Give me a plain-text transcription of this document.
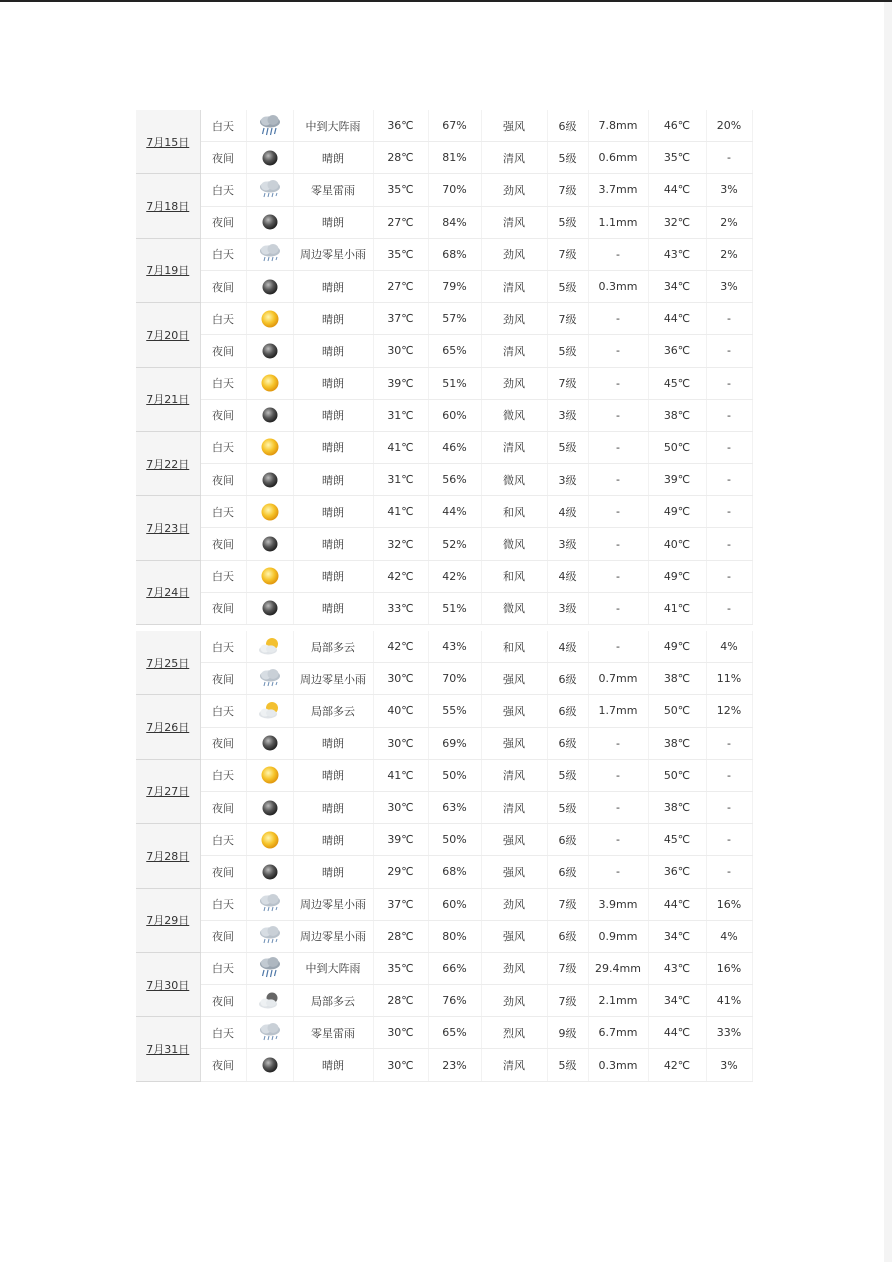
7月15日	白天		中到大阵雨	36℃	67%	强风	6级	7.8mm	46℃	20%
	夜间		晴朗	28℃	81%	清风	5级	0.6mm	35℃	-
7月18日	白天		零星雷雨	35℃	70%	劲风	7级	3.7mm	44℃	3%
	夜间		晴朗	27℃	84%	清风	5级	1.1mm	32℃	2%
7月19日	白天		周边零星小雨	35℃	68%	劲风	7级	-	43℃	2%
	夜间		晴朗	27℃	79%	清风	5级	0.3mm	34℃	3%
7月20日	白天		晴朗	37℃	57%	劲风	7级	-	44℃	-
	夜间		晴朗	30℃	65%	清风	5级	-	36℃	-
7月21日	白天		晴朗	39℃	51%	劲风	7级	-	45℃	-
	夜间		晴朗	31℃	60%	微风	3级	-	38℃	-
7月22日	白天		晴朗	41℃	46%	清风	5级	-	50℃	-
	夜间		晴朗	31℃	56%	微风	3级	-	39℃	-
7月23日	白天		晴朗	41℃	44%	和风	4级	-	49℃	-
	夜间		晴朗	32℃	52%	微风	3级	-	40℃	-
7月24日	白天		晴朗	42℃	42%	和风	4级	-	49℃	-
	夜间		晴朗	33℃	51%	微风	3级	-	41℃	-

7月25日	白天		局部多云	42℃	43%	和风	4级	-	49℃	4%
	夜间		周边零星小雨	30℃	70%	强风	6级	0.7mm	38℃	11%
7月26日	白天		局部多云	40℃	55%	强风	6级	1.7mm	50℃	12%
	夜间		晴朗	30℃	69%	强风	6级	-	38℃	-
7月27日	白天		晴朗	41℃	50%	清风	5级	-	50℃	-
	夜间		晴朗	30℃	63%	清风	5级	-	38℃	-
7月28日	白天		晴朗	39℃	50%	强风	6级	-	45℃	-
	夜间		晴朗	29℃	68%	强风	6级	-	36℃	-
7月29日	白天		周边零星小雨	37℃	60%	劲风	7级	3.9mm	44℃	16%
	夜间		周边零星小雨	28℃	80%	强风	6级	0.9mm	34℃	4%
7月30日	白天		中到大阵雨	35℃	66%	劲风	7级	29.4mm	43℃	16%
	夜间		局部多云	28℃	76%	劲风	7级	2.1mm	34℃	41%
7月31日	白天		零星雷雨	30℃	65%	烈风	9级	6.7mm	44℃	33%
	夜间		晴朗	30℃	23%	清风	5级	0.3mm	42℃	3%
